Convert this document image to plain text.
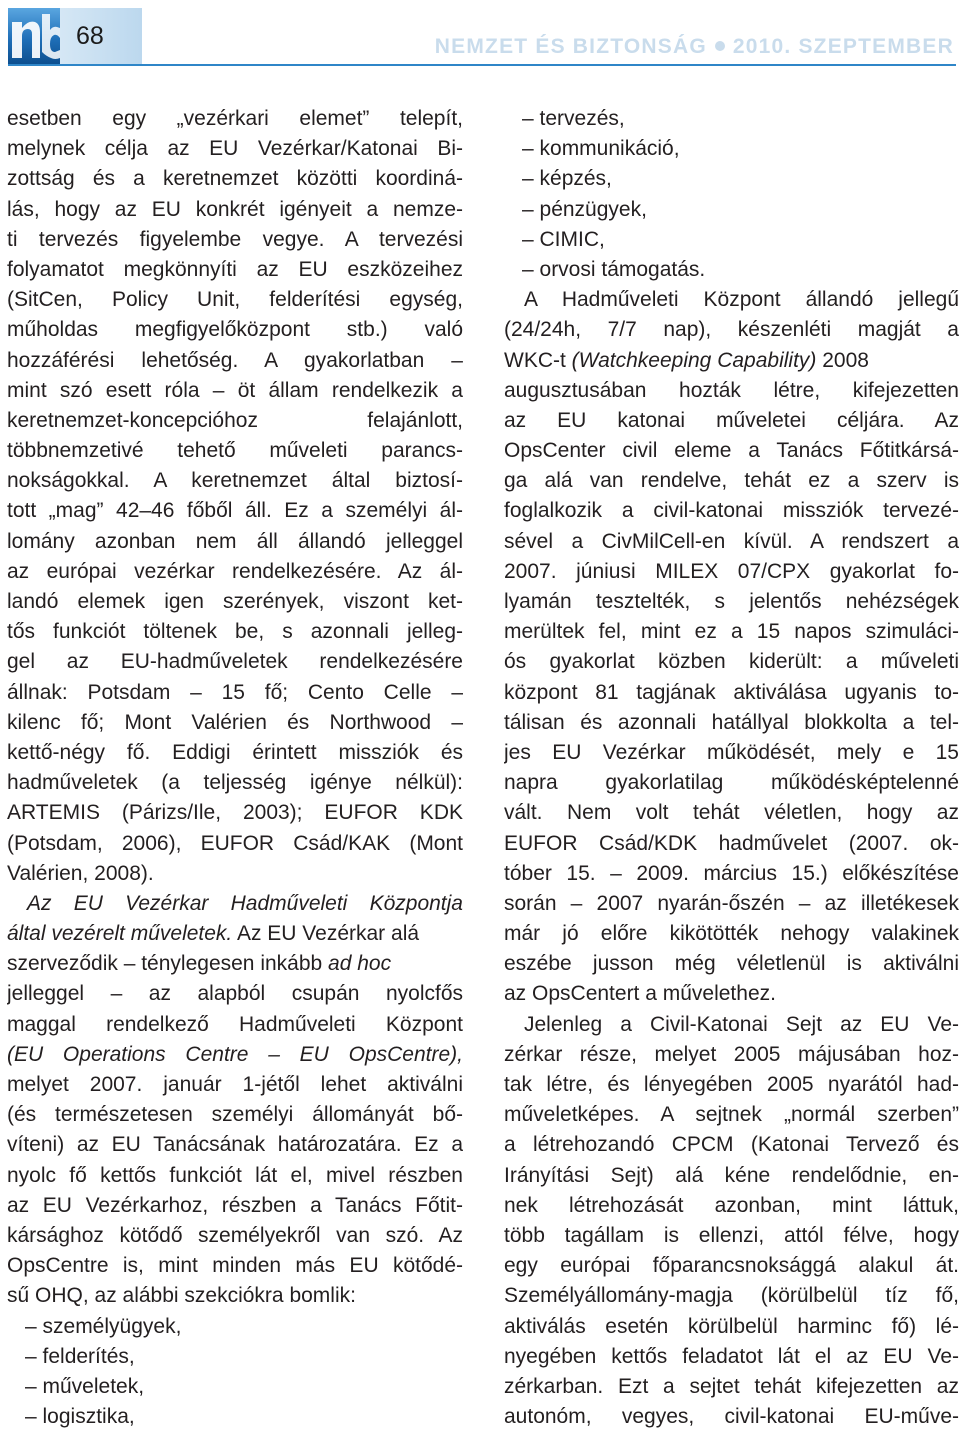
68	NEMZET ÉS BIZTONSÁG 2010. SZEPTEMBER
esetben egy „vezérkari elemet” telepít,
melynek célja az EU Vezérkar/Katonai Bi-
zottság és a keretnemzet közötti koordiná-
lás, hogy az EU konkrét igényeit a nemze-
ti tervezés figyelembe vegye. A tervezési
folyamatot megkönnyíti az EU eszközeihez
(SitCen, Policy Unit, felderítési egység,
műholdas megfigyelőközpont stb.) való
hozzáférési lehetőség. A gyakorlatban –
mint szó esett róla – öt állam rendelkezik a
keretnemzet-koncepcióhoz felajánlott,
többnemzetivé tehető műveleti parancs-
nokságokkal. A keretnemzet által biztosí-
tott „mag” 42–46 főből áll. Ez a személyi ál-
lomány azonban nem áll állandó jelleggel
az európai vezérkar rendelkezésére. Az ál-
landó elemek igen szerények, viszont ket-
tős funkciót töltenek be, s azonnali jelleg-
gel az EU-hadműveletek rendelkezésére
állnak: Potsdam – 15 fő; Cento Celle –
kilenc fő; Mont Valérien és Northwood –
kettő-négy fő. Eddigi érintett missziók és
hadműveletek (a teljesség igénye nélkül):
ARTEMIS (Párizs/Ile, 2003); EUFOR KDK
(Potsdam, 2006), EUFOR Csád/KAK (Mont
Valérien, 2008).
Az EU Vezérkar Hadműveleti Központja
által vezérelt műveletek. Az EU Vezérkar alá
szerveződik – ténylegesen inkább ad hoc
jelleggel – az alapból csupán nyolcfős
maggal rendelkező Hadműveleti Központ
(EU Operations Centre – EU OpsCentre),
melyet 2007. január 1-jétől lehet aktiválni
(és természetesen személyi állományát bő-
víteni) az EU Tanácsának határozatára. Ez a
nyolc fő kettős funkciót lát el, mivel részben
az EU Vezérkarhoz, részben a Tanács Főtit-
kársághoz kötődő személyekről van szó. Az
OpsCentre is, mint minden más EU kötődé-
sű OHQ, az alábbi szekciókra bomlik:
– személyügyek,
– felderítés,
– műveletek,
– logisztika,
– tervezés,
– kommunikáció,
– képzés,
– pénzügyek,
– CIMIC,
– orvosi támogatás.
A Hadműveleti Központ állandó jellegű
(24/24h, 7/7 nap), készenléti magját a
WKC-t (Watchkeeping Capability) 2008
augusztusában hozták létre, kifejezetten
az EU katonai műveletei céljára. Az
OpsCenter civil eleme a Tanács Főtitkársá-
ga alá van rendelve, tehát ez a szerv is
foglalkozik a civil-katonai missziók tervezé-
sével a CivMilCell-en kívül. A rendszert a
2007. júniusi MILEX 07/CPX gyakorlat fo-
lyamán tesztelték, s jelentős nehézségek
merültek fel, mint ez a 15 napos szimuláci-
ós gyakorlat közben kiderült: a műveleti
központ 81 tagjának aktiválása ugyanis to-
tálisan és azonnali hatállyal blokkolta a tel-
jes EU Vezérkar működését, mely e 15
napra gyakorlatilag működésképtelenné
vált. Nem volt tehát véletlen, hogy az
EUFOR Csád/KDK hadművelet (2007. ok-
tóber 15. – 2009. március 15.) előkészítése
során – 2007 nyarán-őszén – az illetékesek
már jó előre kikötötték nehogy valakinek
eszébe jusson még véletlenül is aktiválni
az OpsCentert a művelethez.
Jelenleg a Civil-Katonai Sejt az EU Ve-
zérkar része, melyet 2005 májusában hoz-
tak létre, és lényegében 2005 nyarától had-
műveletképes. A sejtnek „normál szerben”
a létrehozandó CPCM (Katonai Tervező és
Irányítási Sejt) alá kéne rendelődnie, en-
nek létrehozását azonban, mint láttuk,
több tagállam is ellenzi, attól félve, hogy
egy európai főparancsnoksággá alakul át.
Személyállomány-magja (körülbelül tíz fő,
aktiválás esetén körülbelül harminc fő) lé-
nyegében kettős feladatot lát el az EU Ve-
zérkarban. Ezt a sejtet tehát kifejezetten az
autonóm, vegyes, civil-katonai EU-műve-
